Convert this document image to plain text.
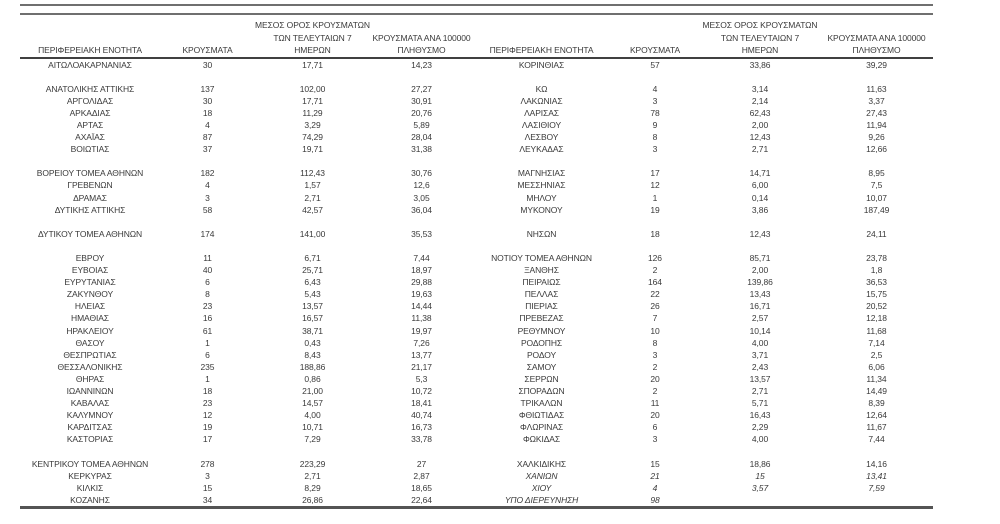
ΠΕΡΙΦΕΡΕΙΑΚΗ ΕΝΟΤΗΤΑ	ΚΡΟΥΣΜΑΤΑ	ΜΕΣΟΣ ΟΡΟΣ ΚΡΟΥΣΜΑΤΩΝ
ΤΩΝ ΤΕΛΕΥΤΑΙΩΝ 7
ΗΜΕΡΩΝ	ΚΡΟΥΣΜΑΤΑ ΑΝΑ 100000
ΠΛΗΘΥΣΜΟ	ΠΕΡΙΦΕΡΕΙΑΚΗ ΕΝΟΤΗΤΑ	ΚΡΟΥΣΜΑΤΑ	ΜΕΣΟΣ ΟΡΟΣ ΚΡΟΥΣΜΑΤΩΝ
ΤΩΝ ΤΕΛΕΥΤΑΙΩΝ 7
ΗΜΕΡΩΝ	ΚΡΟΥΣΜΑΤΑ ΑΝΑ 100000
ΠΛΗΘΥΣΜΟ

ΑΙΤΩΛΟΑΚΑΡΝΑΝΙΑΣ	30	17,71	14,23	ΚΟΡΙΝΘΙΑΣ	57	33,86	39,29

ΑΝΑΤΟΛΙΚΗΣ ΑΤΤΙΚΗΣ	137	102,00	27,27	ΚΩ	4	3,14	11,63
ΑΡΓΟΛΙΔΑΣ	30	17,71	30,91	ΛΑΚΩΝΙΑΣ	3	2,14	3,37
ΑΡΚΑΔΙΑΣ	18	11,29	20,76	ΛΑΡΙΣΑΣ	78	62,43	27,43
ΑΡΤΑΣ	4	3,29	5,89	ΛΑΣΙΘΙΟΥ	9	2,00	11,94
ΑΧΑΪΑΣ	87	74,29	28,04	ΛΕΣΒΟΥ	8	12,43	9,26
ΒΟΙΩΤΙΑΣ	37	19,71	31,38	ΛΕΥΚΑΔΑΣ	3	2,71	12,66

ΒΟΡΕΙΟΥ ΤΟΜΕΑ ΑΘΗΝΩΝ	182	112,43	30,76	ΜΑΓΝΗΣΙΑΣ	17	14,71	8,95
ΓΡΕΒΕΝΩΝ	4	1,57	12,6	ΜΕΣΣΗΝΙΑΣ	12	6,00	7,5
ΔΡΑΜΑΣ	3	2,71	3,05	ΜΗΛΟΥ	1	0,14	10,07
ΔΥΤΙΚΗΣ ΑΤΤΙΚΗΣ	58	42,57	36,04	ΜΥΚΟΝΟΥ	19	3,86	187,49

ΔΥΤΙΚΟΥ ΤΟΜΕΑ ΑΘΗΝΩΝ	174	141,00	35,53	ΝΗΣΩΝ	18	12,43	24,11

ΕΒΡΟΥ	11	6,71	7,44	ΝΟΤΙΟΥ ΤΟΜΕΑ ΑΘΗΝΩΝ	126	85,71	23,78
ΕΥΒΟΙΑΣ	40	25,71	18,97	ΞΑΝΘΗΣ	2	2,00	1,8
ΕΥΡΥΤΑΝΙΑΣ	6	6,43	29,88	ΠΕΙΡΑΙΩΣ	164	139,86	36,53
ΖΑΚΥΝΘΟΥ	8	5,43	19,63	ΠΕΛΛΑΣ	22	13,43	15,75
ΗΛΕΙΑΣ	23	13,57	14,44	ΠΙΕΡΙΑΣ	26	16,71	20,52
ΗΜΑΘΙΑΣ	16	16,57	11,38	ΠΡΕΒΕΖΑΣ	7	2,57	12,18
ΗΡΑΚΛΕΙΟΥ	61	38,71	19,97	ΡΕΘΥΜΝΟΥ	10	10,14	11,68
ΘΑΣΟΥ	1	0,43	7,26	ΡΟΔΟΠΗΣ	8	4,00	7,14
ΘΕΣΠΡΩΤΙΑΣ	6	8,43	13,77	ΡΟΔΟΥ	3	3,71	2,5
ΘΕΣΣΑΛΟΝΙΚΗΣ	235	188,86	21,17	ΣΑΜΟΥ	2	2,43	6,06
ΘΗΡΑΣ	1	0,86	5,3	ΣΕΡΡΩΝ	20	13,57	11,34
ΙΩΑΝΝΙΝΩΝ	18	21,00	10,72	ΣΠΟΡΑΔΩΝ	2	2,71	14,49
ΚΑΒΑΛΑΣ	23	14,57	18,41	ΤΡΙΚΑΛΩΝ	11	5,71	8,39
ΚΑΛΥΜΝΟΥ	12	4,00	40,74	ΦΘΙΩΤΙΔΑΣ	20	16,43	12,64
ΚΑΡΔΙΤΣΑΣ	19	10,71	16,73	ΦΛΩΡΙΝΑΣ	6	2,29	11,67
ΚΑΣΤΟΡΙΑΣ	17	7,29	33,78	ΦΩΚΙΔΑΣ	3	4,00	7,44

ΚΕΝΤΡΙΚΟΥ ΤΟΜΕΑ ΑΘΗΝΩΝ	278	223,29	27	ΧΑΛΚΙΔΙΚΗΣ	15	18,86	14,16
ΚΕΡΚΥΡΑΣ	3	2,71	2,87	ΧΑΝΙΩΝ	21	15	13,41
ΚΙΛΚΙΣ	15	8,29	18,65	ΧΙΟΥ	4	3,57	7,59
ΚΟΖΑΝΗΣ	34	26,86	22,64	ΥΠΟ ΔΙΕΡΕΥΝΗΣΗ	98		
